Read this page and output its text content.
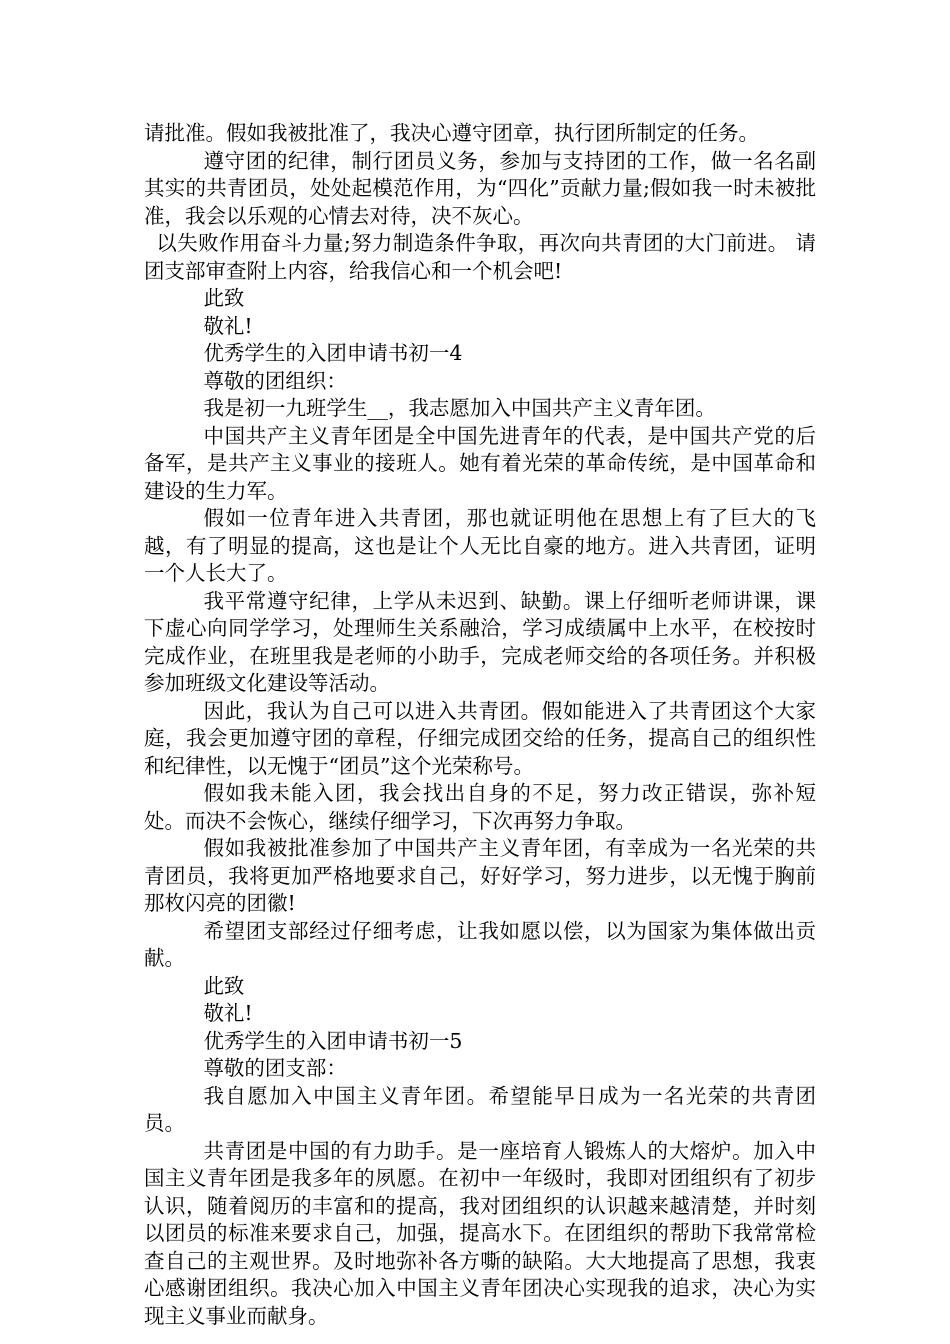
请批准。假如我被批准了，我决心遵守团章，执行团所制定的任务。

遵守团的纪律，制行团员义务，参加与支持团的工作，做一名名副其实的共青团员，处处起模范作用，为“四化”贡献力量;假如我一时未被批准，我会以乐观的心情去对待，决不灰心。

以失败作用奋斗力量;努力制造条件争取，再次向共青团的大门前进。 请团支部审查附上内容，给我信心和一个机会吧!

此致

敬礼!

优秀学生的入团申请书初一4

尊敬的团组织：

我是初一九班学生__，我志愿加入中国共产主义青年团。

中国共产主义青年团是全中国先进青年的代表，是中国共产党的后备军，是共产主义事业的接班人。她有着光荣的革命传统，是中国革命和建设的生力军。

假如一位青年进入共青团，那也就证明他在思想上有了巨大的飞越，有了明显的提高，这也是让个人无比自豪的地方。进入共青团，证明一个人长大了。

我平常遵守纪律，上学从未迟到、缺勤。课上仔细听老师讲课，课下虚心向同学学习，处理师生关系融洽，学习成绩属中上水平，在校按时完成作业，在班里我是老师的小助手，完成老师交给的各项任务。并积极参加班级文化建设等活动。

因此，我认为自己可以进入共青团。假如能进入了共青团这个大家庭，我会更加遵守团的章程，仔细完成团交给的任务，提高自己的组织性和纪律性，以无愧于“团员”这个光荣称号。

假如我未能入团，我会找出自身的不足，努力改正错误，弥补短处。而决不会恢心，继续仔细学习，下次再努力争取。

假如我被批准参加了中国共产主义青年团，有幸成为一名光荣的共青团员，我将更加严格地要求自己，好好学习，努力进步，以无愧于胸前那枚闪亮的团徽!

希望团支部经过仔细考虑，让我如愿以偿，以为国家为集体做出贡献。

此致

敬礼!

优秀学生的入团申请书初一5

尊敬的团支部：

我自愿加入中国主义青年团。希望能早日成为一名光荣的共青团员。

共青团是中国的有力助手。是一座培育人锻炼人的大熔炉。加入中国主义青年团是我多年的夙愿。在初中一年级时，我即对团组织有了初步认识，随着阅历的丰富和的提高，我对团组织的认识越来越清楚，并时刻以团员的标准来要求自己，加强，提高水下。在团组织的帮助下我常常检查自己的主观世界。及时地弥补各方嘶的缺陷。大大地提高了思想，我衷心感谢团组织。我决心加入中国主义青年团决心实现我的追求，决心为实现主义事业而献身。
